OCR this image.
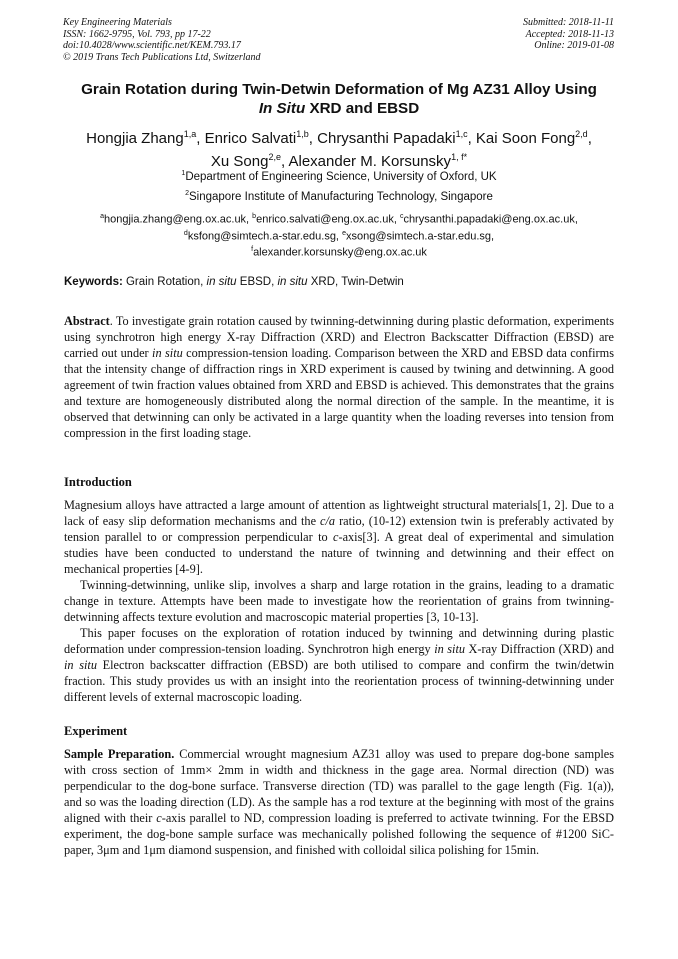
Key Engineering Materials
ISSN: 1662-9795, Vol. 793, pp 17-22
doi:10.4028/www.scientific.net/KEM.793.17
© 2019 Trans Tech Publications Ltd, Switzerland
Submitted: 2018-11-11
Accepted: 2018-11-13
Online: 2019-01-08
Grain Rotation during Twin-Detwin Deformation of Mg AZ31 Alloy Using
In Situ XRD and EBSD
Hongjia Zhang$^{1,a}$, Enrico Salvati$^{1,b}$, Chrysanthi Papadaki$^{1,c}$, Kai Soon Fong$^{2,d}$,
Xu Song$^{2,e}$, Alexander M. Korsunsky$^{1, f*}$
$^1$Department of Engineering Science, University of Oxford, UK
$^2$Singapore Institute of Manufacturing Technology, Singapore
$^a$hongjia.zhang@eng.ox.ac.uk, $^b$enrico.salvati@eng.ox.ac.uk, $^c$chrysanthi.papadaki@eng.ox.ac.uk,
$^d$ksfong@simtech.a-star.edu.sg, $^e$xsong@simtech.a-star.edu.sg,
$^f$alexander.korsunsky@eng.ox.ac.uk
Keywords: Grain Rotation, in situ EBSD, in situ XRD, Twin-Detwin
Abstract. To investigate grain rotation caused by twinning-detwinning during plastic deformation, experiments using synchrotron high energy X-ray Diffraction (XRD) and Electron Backscatter Diffraction (EBSD) are carried out under in situ compression-tension loading. Comparison between the XRD and EBSD data confirms that the intensity change of diffraction rings in XRD experiment is caused by twining and detwinning. A good agreement of twin fraction values obtained from XRD and EBSD is achieved. This demonstrates that the grains and texture are homogeneously distributed along the normal direction of the sample. In the meantime, it is observed that detwinning can only be activated in a large quantity when the loading reverses into tension from compression in the first loading stage.
Introduction
Magnesium alloys have attracted a large amount of attention as lightweight structural materials[1, 2]. Due to a lack of easy slip deformation mechanisms and the c/a ratio, (10-12) extension twin is preferably activated by tension parallel to or compression perpendicular to c-axis[3]. A great deal of experimental and simulation studies have been conducted to understand the nature of twinning and detwinning and their effect on mechanical properties [4-9].
Twinning-detwinning, unlike slip, involves a sharp and large rotation in the grains, leading to a dramatic change in texture. Attempts have been made to investigate how the reorientation of grains from twinning-detwinning affects texture evolution and macroscopic material properties [3, 10-13].
This paper focuses on the exploration of rotation induced by twinning and detwinning during plastic deformation under compression-tension loading. Synchrotron high energy in situ X-ray Diffraction (XRD) and in situ Electron backscatter diffraction (EBSD) are both utilised to compare and confirm the twin/detwin fraction. This study provides us with an insight into the reorientation process of twinning-detwinning under different levels of external macroscopic loading.
Experiment
Sample Preparation. Commercial wrought magnesium AZ31 alloy was used to prepare dog-bone samples with cross section of 1mm× 2mm in width and thickness in the gage area. Normal direction (ND) was perpendicular to the dog-bone surface. Transverse direction (TD) was parallel to the gage length (Fig. 1(a)), and so was the loading direction (LD). As the sample has a rod texture at the beginning with most of the grains aligned with their c-axis parallel to ND, compression loading is preferred to activate twinning. For the EBSD experiment, the dog-bone sample surface was mechanically polished following the sequence of #1200 SiC-paper, 3μm and 1μm diamond suspension, and finished with colloidal silica polishing for 15min.
